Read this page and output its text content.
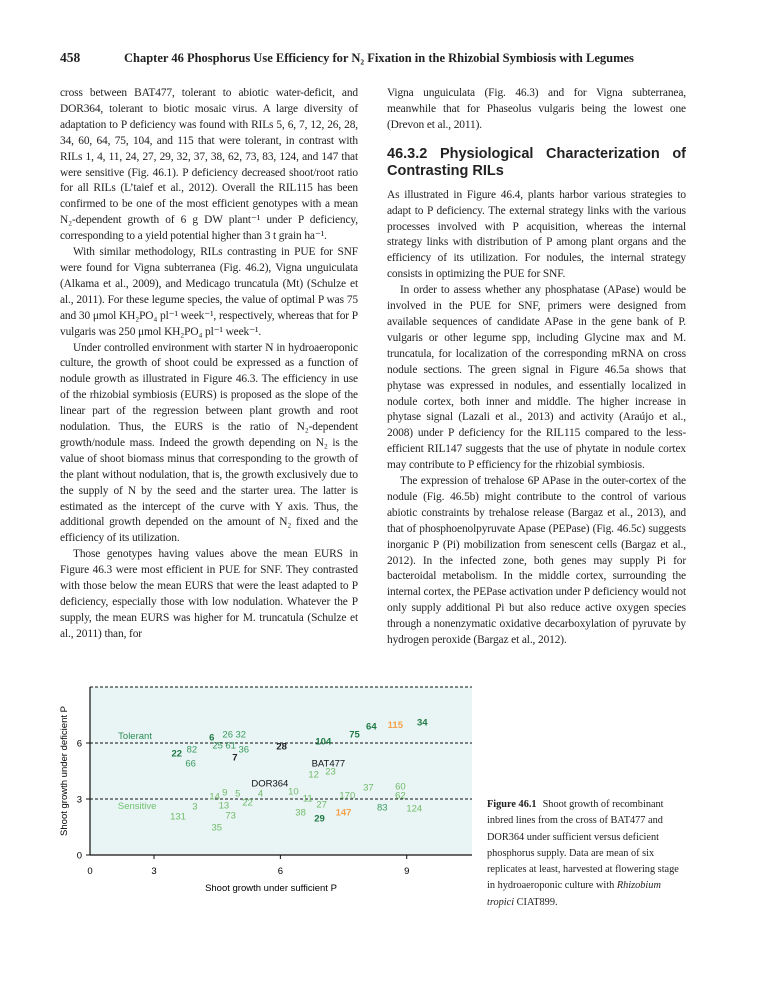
458	Chapter 46 Phosphorus Use Efficiency for N₂ Fixation in the Rhizobial Symbiosis with Legumes

cross between BAT477, tolerant to abiotic water-deficit, and DOR364, tolerant to biotic mosaic virus. A large diversity of adaptation to P deficiency was found with RILs 5, 6, 7, 12, 26, 28, 34, 60, 64, 75, 104, and 115 that were tolerant, in contrast with RILs 1, 4, 11, 24, 27, 29, 32, 37, 38, 62, 73, 83, 124, and 147 that were sensitive (Fig. 46.1). P deficiency decreased shoot/root ratio for all RILs (L’taief et al., 2012). Overall the RIL115 has been confirmed to be one of the most efficient genotypes with a mean N₂-dependent growth of 6 g DW plant⁻¹ under P deficiency, corresponding to a yield potential higher than 3 t grain ha⁻¹.

With similar methodology, RILs contrasting in PUE for SNF were found for Vigna subterranea (Fig. 46.2), Vigna unguiculata (Alkama et al., 2009), and Medicago truncatula (Mt) (Schulze et al., 2011). For these legume species, the value of optimal P was 75 and 30 μmol KH₂PO₄ pl⁻¹ week⁻¹, respectively, whereas that for P vulgaris was 250 μmol KH₂PO₄ pl⁻¹ week⁻¹.

Under controlled environment with starter N in hydroaeroponic culture, the growth of shoot could be expressed as a function of nodule growth as illustrated in Figure 46.3. The efficiency in use of the rhizobial symbiosis (EURS) is proposed as the slope of the linear part of the regression between plant growth and root nodulation. Thus, the EURS is the ratio of N₂-dependent growth/nodule mass. Indeed the growth depending on N₂ is the value of shoot biomass minus that corresponding to the growth of the plant without nodulation, that is, the growth exclusively due to the supply of N by the seed and the starter urea. The latter is estimated as the intercept of the curve with Y axis. Thus, the additional growth depended on the amount of N₂ fixed and the efficiency of its utilization.

Those genotypes having values above the mean EURS in Figure 46.3 were most efficient in PUE for SNF. They contrasted with those below the mean EURS that were the least adapted to P deficiency, especially those with low nodulation. Whatever the P supply, the mean EURS was higher for M. truncatula (Schulze et al., 2011) than, for

Vigna unguiculata (Fig. 46.3) and for Vigna subterranea, meanwhile that for Phaseolus vulgaris being the lowest one (Drevon et al., 2011).

46.3.2 Physiological Characterization of Contrasting RILs

As illustrated in Figure 46.4, plants harbor various strategies to adapt to P deficiency. The external strategy links with the various processes involved with P acquisition, whereas the internal strategy links with distribution of P among plant organs and the efficiency of its utilization. For nodules, the internal strategy consists in optimizing the PUE for SNF.

In order to assess whether any phosphatase (APase) would be involved in the PUE for SNF, primers were designed from available sequences of candidate APase in the gene bank of P. vulgaris or other legume spp, including Glycine max and M. truncatula, for localization of the corresponding mRNA on cross nodule sections. The green signal in Figure 46.5a shows that phytase was expressed in nodules, and essentially localized in nodule cortex, both inner and middle. The higher increase in phytase signal (Lazali et al., 2013) and activity (Araújo et al., 2008) under P deficiency for the RIL115 compared to the less-efficient RIL147 suggests that the use of phytate in nodule cortex may contribute to P efficiency for the rhizobial symbiosis.

The expression of trehalose 6P APase in the outer-cortex of the nodule (Fig. 46.5b) might contribute to the control of various abiotic constraints by trehalose release (Bargaz et al., 2013), and that of phosphoenolpyruvate Apase (PEPase) (Fig. 46.5c) suggests inorganic P (Pi) mobilization from senescent cells (Bargaz et al., 2012). In the infected zone, both genes may supply Pi for bacteroidal metabolism. In the middle cortex, surrounding the internal cortex, the PEPase activation under P deficiency would not only supply additional Pi but also reduce active oxygen species through a nonenzymatic oxidative decarboxylation of pyruvate by hydrogen peroxide (Bargaz et al., 2012).

0
3
6
0	3	6	9
Shoot growth under sufficient P
Shoot growth under deficient P	Tolerant
Sensitive
DOR364
BAT477
6 26 32
25 61 36
22 82
7
66
14 9 5 4
22
3 13
73
131
35
28	104
75
64 115 34
12 23
10
11	170
37 60
62
27	83 124
38
29
147
Figure 46.1 Shoot growth of recombinant inbred lines from the cross of BAT477 and DOR364 under sufficient versus deficient phosphorus supply. Data are mean of six replicates at least, harvested at flowering stage in hydroaeroponic culture with Rhizobium tropici CIAT899.
